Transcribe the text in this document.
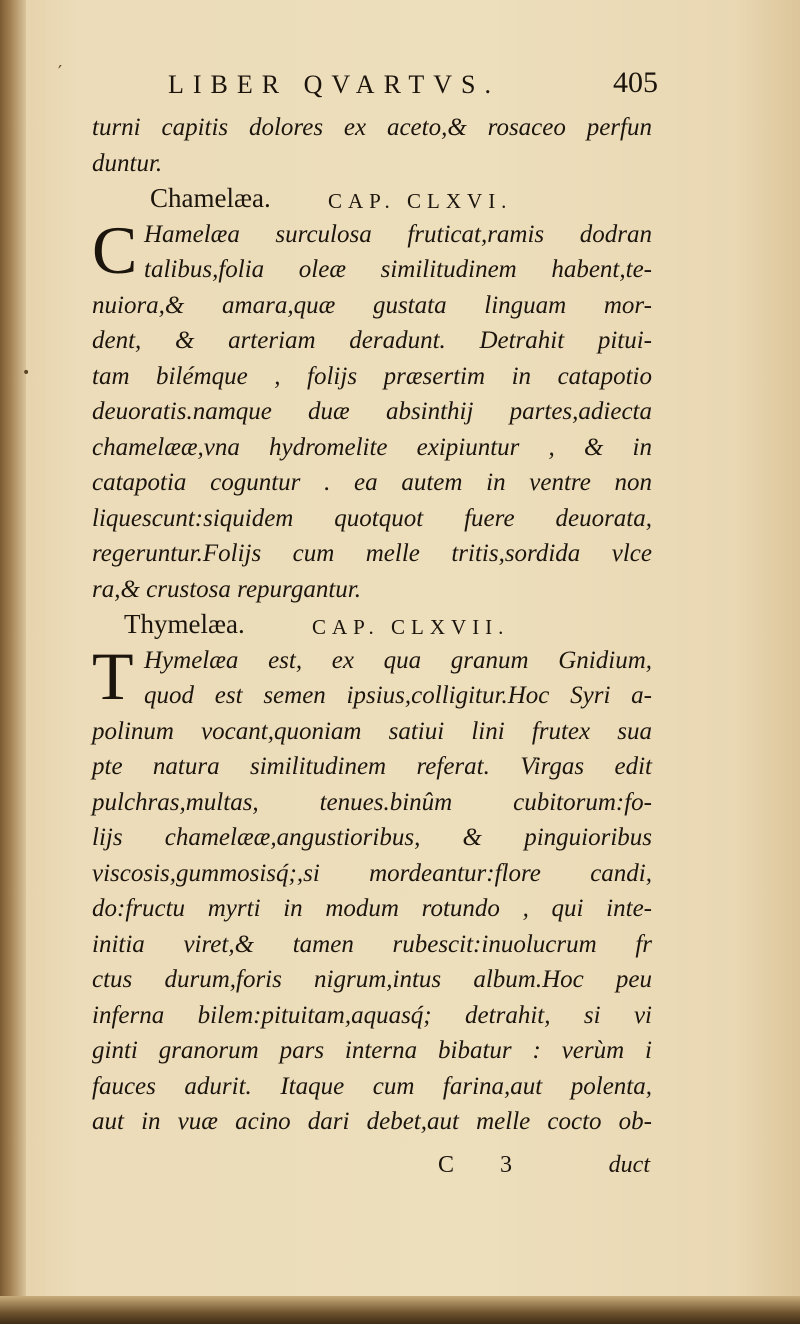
′
•
LIBER QVARTVS.	405
turni capitis dolores ex aceto,& rosaceo perfun
duntur.
Chamelæa.	CAP. CLXVI.
C Hamelæa surculosa fruticat,ramis dodran
talibus,folia oleæ similitudinem habent,te-
nuiora,& amara,quæ gustata linguam mor-
dent, & arteriam deradunt. Detrahit pitui-
tam bilémque , folijs præsertim in catapotio
deuoratis.namque duæ absinthij partes,adiecta
chamelææ,vna hydromelite exipiuntur , & in
catapotia coguntur . ea autem in ventre non
liquescunt:siquidem quotquot fuere deuorata,
regeruntur.Folijs cum melle tritis,sordida vlce
ra,& crustosa repurgantur.
Thymelæa.	CAP. CLXVII.
T Hymelæa est, ex qua granum Gnidium,
quod est semen ipsius,colligitur.Hoc Syri a-
polinum vocant,quoniam satiui lini frutex sua
pte natura similitudinem referat. Virgas edit
pulchras,multas, tenues.binûm cubitorum:fo-
lijs chamelææ,angustioribus, & pinguioribus
viscosis,gummosisq́;,si mordeantur:flore candi,
do:fructu myrti in modum rotundo , qui inte-
initia viret,& tamen rubescit:inuolucrum fr
ctus durum,foris nigrum,intus album.Hoc peu
inferna bilem:pituitam,aquasq́; detrahit, si vi
ginti granorum pars interna bibatur : verùm i
fauces adurit. Itaque cum farina,aut polenta,
aut in vuæ acino dari debet,aut melle cocto ob-
C 3	duct
